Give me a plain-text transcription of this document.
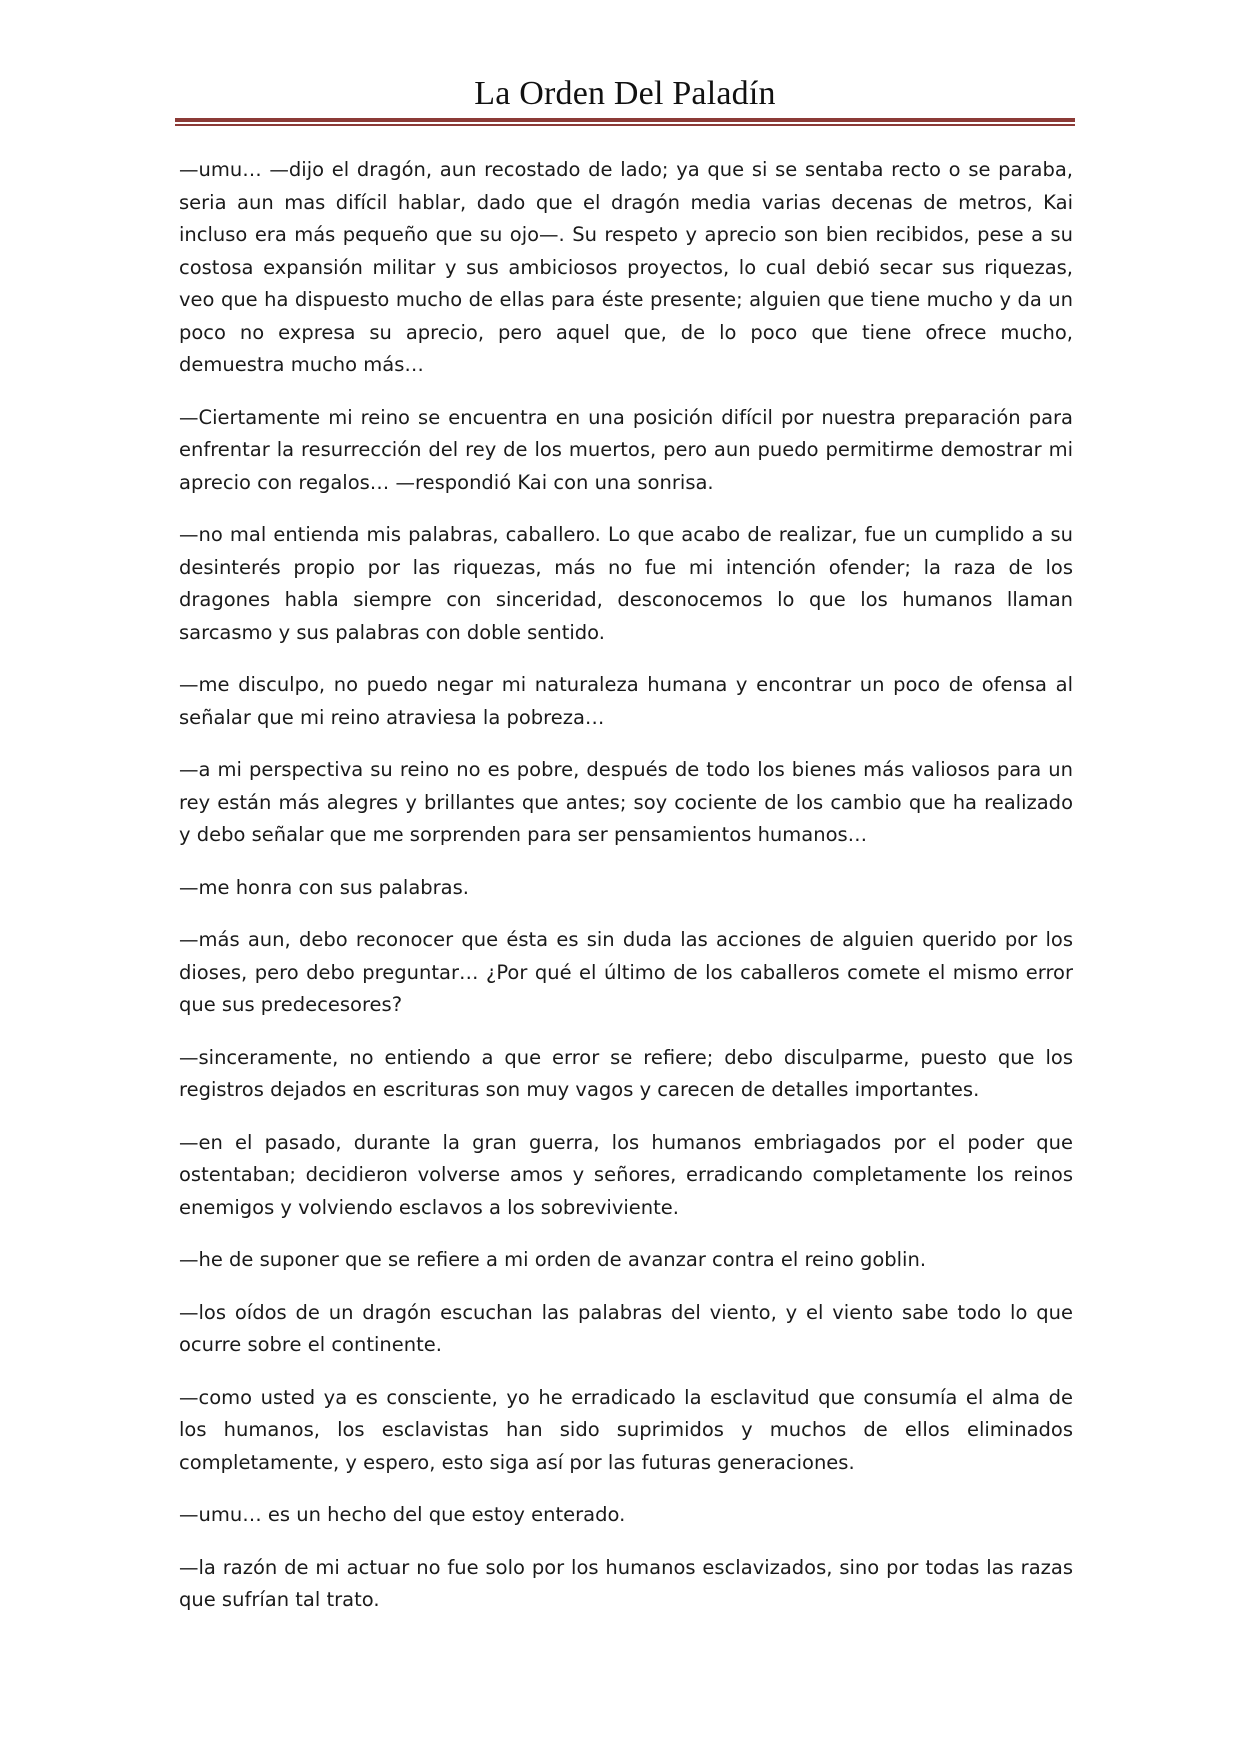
La Orden Del Paladín

—umu… —dijo el dragón, aun recostado de lado; ya que si se sentaba recto o se paraba, seria aun mas difícil hablar, dado que el dragón media varias decenas de metros, Kai incluso era más pequeño que su ojo—. Su respeto y aprecio son bien recibidos, pese a su costosa expansión militar y sus ambiciosos proyectos, lo cual debió secar sus riquezas, veo que ha dispuesto mucho de ellas para éste presente; alguien que tiene mucho y da un poco no expresa su aprecio, pero aquel que, de lo poco que tiene ofrece mucho, demuestra mucho más…

—Ciertamente mi reino se encuentra en una posición difícil por nuestra preparación para enfrentar la resurrección del rey de los muertos, pero aun puedo permitirme demostrar mi aprecio con regalos… —respondió Kai con una sonrisa.

—no mal entienda mis palabras, caballero. Lo que acabo de realizar, fue un cumplido a su desinterés propio por las riquezas, más no fue mi intención ofender; la raza de los dragones habla siempre con sinceridad, desconocemos lo que los humanos llaman sarcasmo y sus palabras con doble sentido.

—me disculpo, no puedo negar mi naturaleza humana y encontrar un poco de ofensa al señalar que mi reino atraviesa la pobreza…

—a mi perspectiva su reino no es pobre, después de todo los bienes más valiosos para un rey están más alegres y brillantes que antes; soy cociente de los cambio que ha realizado y debo señalar que me sorprenden para ser pensamientos humanos…

—me honra con sus palabras.

—más aun, debo reconocer que ésta es sin duda las acciones de alguien querido por los dioses, pero debo preguntar… ¿Por qué el último de los caballeros comete el mismo error que sus predecesores?

—sinceramente, no entiendo a que error se refiere; debo disculparme, puesto que los registros dejados en escrituras son muy vagos y carecen de detalles importantes.

—en el pasado, durante la gran guerra, los humanos embriagados por el poder que ostentaban; decidieron volverse amos y señores, erradicando completamente los reinos enemigos y volviendo esclavos a los sobreviviente.

—he de suponer que se refiere a mi orden de avanzar contra el reino goblin.

—los oídos de un dragón escuchan las palabras del viento, y el viento sabe todo lo que ocurre sobre el continente.

—como usted ya es consciente, yo he erradicado la esclavitud que consumía el alma de los humanos, los esclavistas han sido suprimidos y muchos de ellos eliminados completamente, y espero, esto siga así por las futuras generaciones.

—umu… es un hecho del que estoy enterado.

—la razón de mi actuar no fue solo por los humanos esclavizados, sino por todas las razas que sufrían tal trato.
